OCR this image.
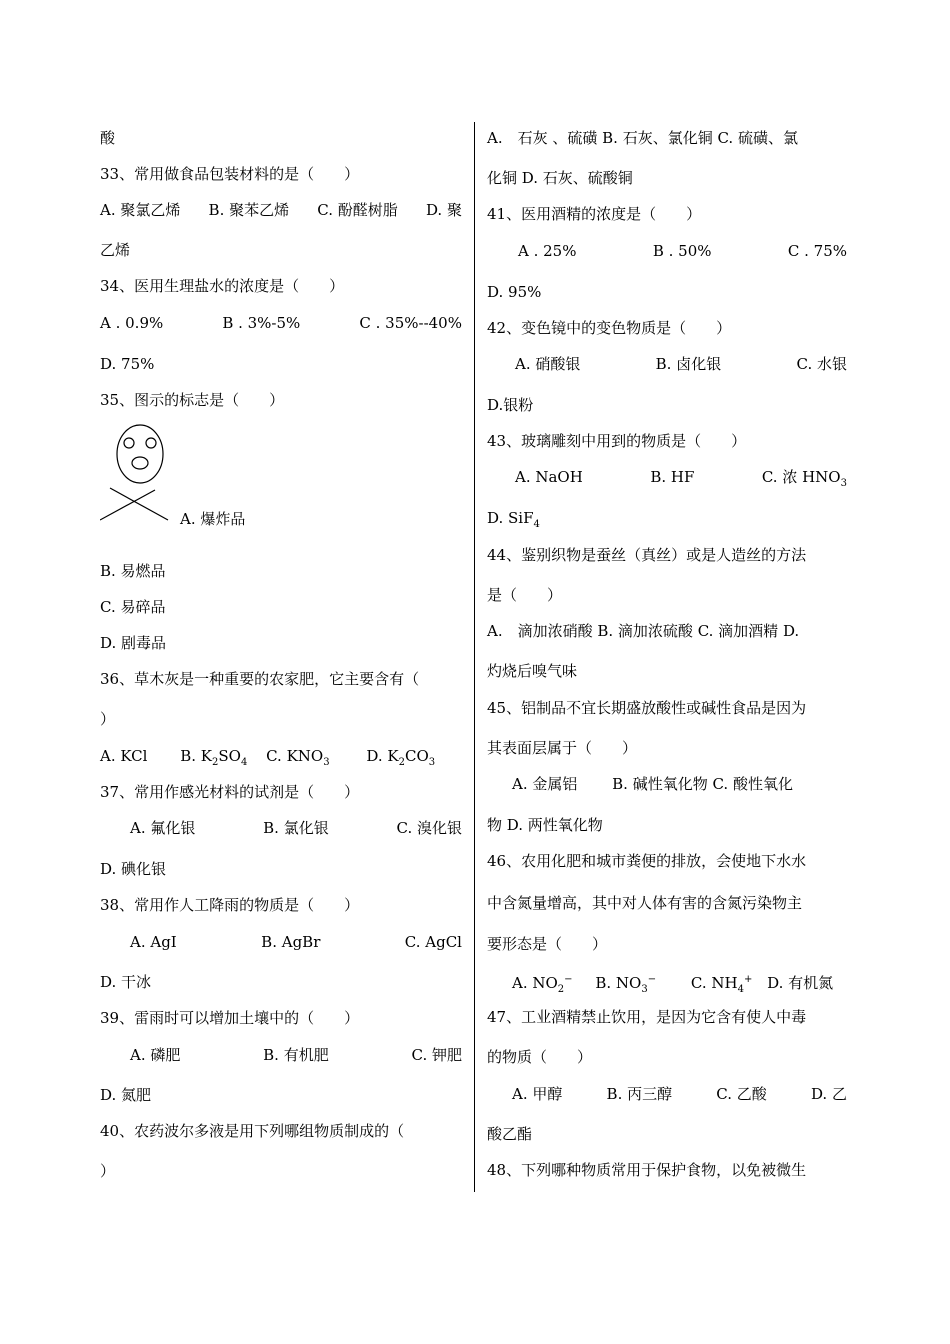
酸
33、常用做食品包装材料的是（　　）
A. 聚氯乙烯 B. 聚苯乙烯 C. 酚醛树脂 D. 聚
乙烯
34、医用生理盐水的浓度是（　　）
A . 0.9%	B . 3%-5%	C . 35%--40%
D. 75%
35、图示的标志是（　　）
A. 爆炸品
B. 易燃品
C. 易碎品
D. 剧毒品
36、草木灰是一种重要的农家肥，它主要含有（
）
A. KCl B. $K_2SO_4$ C. $KNO_3$ D. $K_2CO_3$
37、常用作感光材料的试剂是（　　）
A. 氟化银	B. 氯化银	C. 溴化银
D. 碘化银
38、常用作人工降雨的物质是（　　）
A. AgI	B. AgBr	C. AgCl
D. 干冰
39、雷雨时可以增加土壤中的（　　）
A. 磷肥	B. 有机肥	C. 钾肥
D. 氮肥
40、农药波尔多液是用下列哪组物质制成的（
）
A.　石灰 、硫磺 B. 石灰、氯化铜 C. 硫磺、氯
化铜 D. 石灰、硫酸铜
41、医用酒精的浓度是（　　）
A . 25%	B . 50%	C . 75%
D. 95%
42、变色镜中的变色物质是（　　）
A. 硝酸银	B. 卤化银	C. 水银
D.银粉
43、玻璃雕刻中用到的物质是（　　）
A. NaOH	B. HF	C. 浓 $HNO_3$
D. SiF$_4$
44、鉴别织物是蚕丝（真丝）或是人造丝的方法
是（　　）
A.　滴加浓硝酸 B. 滴加浓硫酸 C. 滴加酒精 D.
灼烧后嗅气味
45、铝制品不宜长期盛放酸性或碱性食品是因为
其表面层属于（　　）
A. 金属铝　　 B. 碱性氧化物 C. 酸性氧化
物 D. 两性氧化物
46、农用化肥和城市粪便的排放，会使地下水水
中含氮量增高，其中对人体有害的含氮污染物主
要形态是（　　）
A. $NO_2^-$ B. $NO_3^-$ C. $NH_4^+$ D. 有机氮
47、工业酒精禁止饮用，是因为它含有使人中毒
的物质（　　）
A. 甲醇	B. 丙三醇	C. 乙酸	D. 乙
酸乙酯
48、下列哪种物质常用于保护食物，以免被微生
